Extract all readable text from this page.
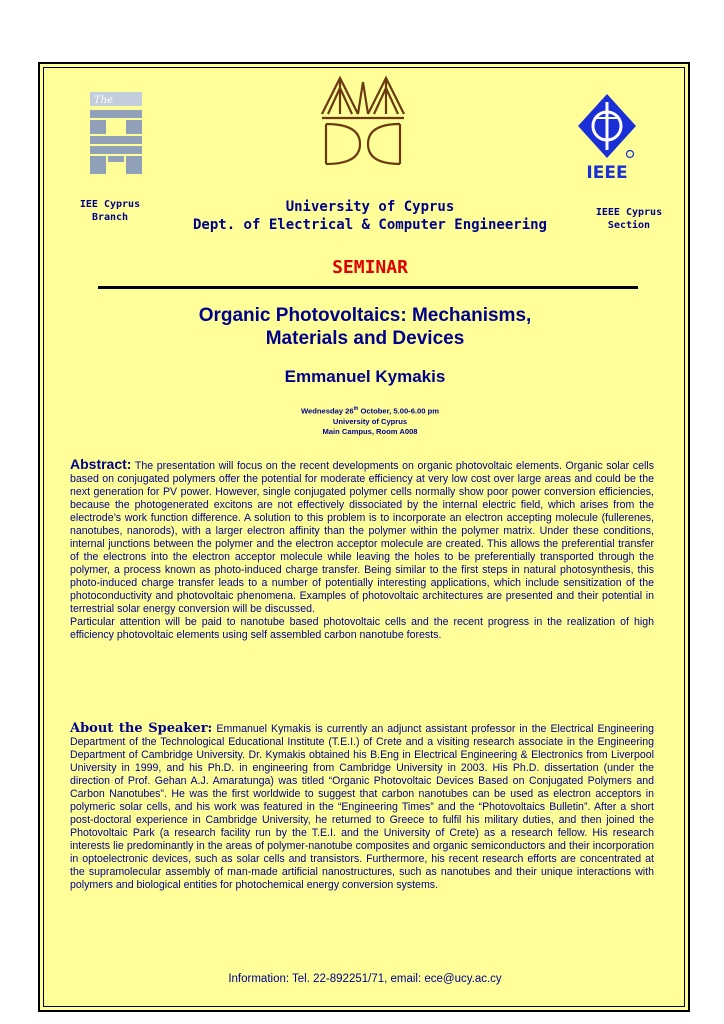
The
IEEE
IEE Cyprus
Branch	IEEE Cyprus
Section
University of Cyprus
Dept. of Electrical & Computer Engineering
SEMINAR
Organic Photovoltaics: Mechanisms,
Materials and Devices
Emmanuel Kymakis
Wednesday 26th October, 5.00-6.00 pm
University of Cyprus
Main Campus, Room A008
Abstract: The presentation will focus on the recent developments on organic photovoltaic elements. Organic solar cells based on conjugated polymers offer the potential for moderate efficiency at very low cost over large areas and could be the next generation for PV power. However, single conjugated polymer cells normally show poor power conversion efficiencies, because the photogenerated excitons are not effectively dissociated by the internal electric field, which arises from the electrode’s work function difference. A solution to this problem is to incorporate an electron accepting molecule (fullerenes, nanotubes, nanorods), with a larger electron affinity than the polymer within the polymer matrix. Under these conditions, internal junctions between the polymer and the electron acceptor molecule are created. This allows the preferential transfer of the electrons into the electron acceptor molecule while leaving the holes to be preferentially transported through the polymer, a process known as photo-induced charge transfer. Being similar to the first steps in natural photosynthesis, this photo-induced charge transfer leads to a number of potentially interesting applications, which include sensitization of the photoconductivity and photovoltaic phenomena. Examples of photovoltaic architectures are presented and their potential in terrestrial solar energy conversion will be discussed.
Particular attention will be paid to nanotube based photovoltaic cells and the recent progress in the realization of high efficiency photovoltaic elements using self assembled carbon nanotube forests.
About the Speaker: Emmanuel Kymakis is currently an adjunct assistant professor in the Electrical Engineering Department of the Technological Educational Institute (T.E.I.) of Crete and a visiting research associate in the Engineering Department of Cambridge University. Dr. Kymakis obtained his B.Eng in Electrical Engineering & Electronics from Liverpool University in 1999, and his Ph.D. in engineering from Cambridge University in 2003. His Ph.D. dissertation (under the direction of Prof. Gehan A.J. Amaratunga) was titled “Organic Photovoltaic Devices Based on Conjugated Polymers and Carbon Nanotubes”. He was the first worldwide to suggest that carbon nanotubes can be used as electron acceptors in polymeric solar cells, and his work was featured in the “Engineering Times” and the “Photovoltaics Bulletin”. After a short post-doctoral experience in Cambridge University, he returned to Greece to fulfil his military duties, and then joined the Photovoltaic Park (a research facility run by the T.E.I. and the University of Crete) as a research fellow. His research interests lie predominantly in the areas of polymer-nanotube composites and organic semiconductors and their incorporation in optoelectronic devices, such as solar cells and transistors. Furthermore, his recent research efforts are concentrated at the supramolecular assembly of man-made artificial nanostructures, such as nanotubes and their unique interactions with polymers and biological entities for photochemical energy conversion systems.
Information: Tel. 22-892251/71, email: ece@ucy.ac.cy
